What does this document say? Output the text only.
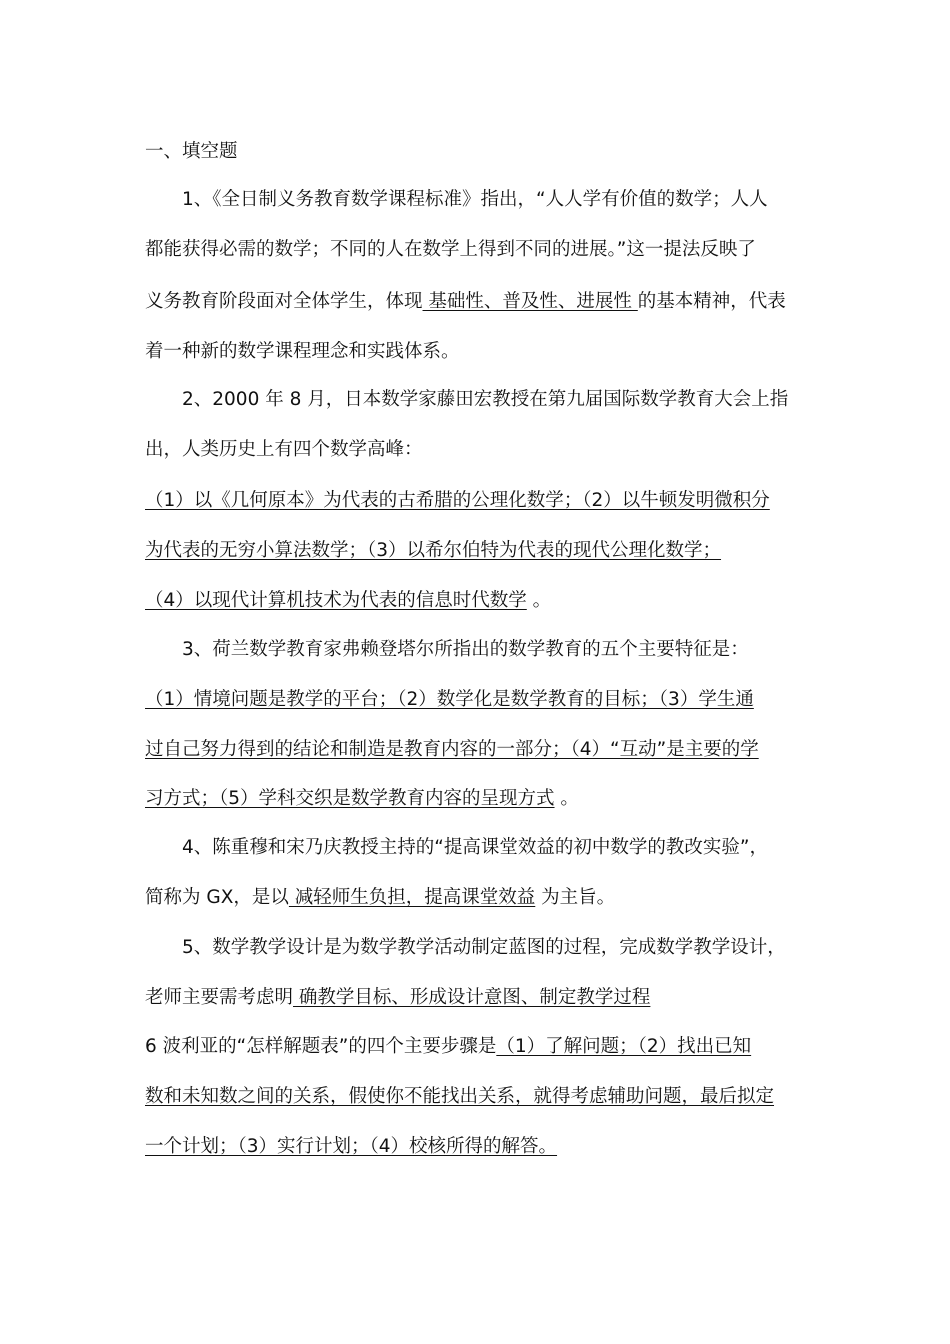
一、填空题
1、《全日制义务教育数学课程标准》指出，“人人学有价值的数学；人人
都能获得必需的数学；不同的人在数学上得到不同的进展。”这一提法反映了
义务教育阶段面对全体学生，体现 基础性、普及性、进展性 的基本精神，代表
着一种新的数学课程理念和实践体系。
2、2000 年 8 月，日本数学家藤田宏教授在第九届国际数学教育大会上指
出，人类历史上有四个数学高峰：
（1）以《几何原本》为代表的古希腊的公理化数学；（2）以牛顿发明微积分
为代表的无穷小算法数学；（3）以希尔伯特为代表的现代公理化数学；
（4）以现代计算机技术为代表的信息时代数学 。
3、荷兰数学教育家弗赖登塔尔所指出的数学教育的五个主要特征是：
（1）情境问题是教学的平台；（2）数学化是数学教育的目标；（3）学生通
过自己努力得到的结论和制造是教育内容的一部分；（4）“互动”是主要的学
习方式；（5）学科交织是数学教育内容的呈现方式 。
4、陈重穆和宋乃庆教授主持的“提高课堂效益的初中数学的教改实验”，
简称为 GX，是以 减轻师生负担，提高课堂效益 为主旨。
5、数学教学设计是为数学教学活动制定蓝图的过程，完成数学教学设计，
老师主要需考虑明 确教学目标、形成设计意图、制定教学过程
6 波利亚的“怎样解题表”的四个主要步骤是（1）了解问题；（2）找出已知
数和未知数之间的关系，假使你不能找出关系，就得考虑辅助问题，最后拟定
一个计划；（3）实行计划；（4）校核所得的解答。
